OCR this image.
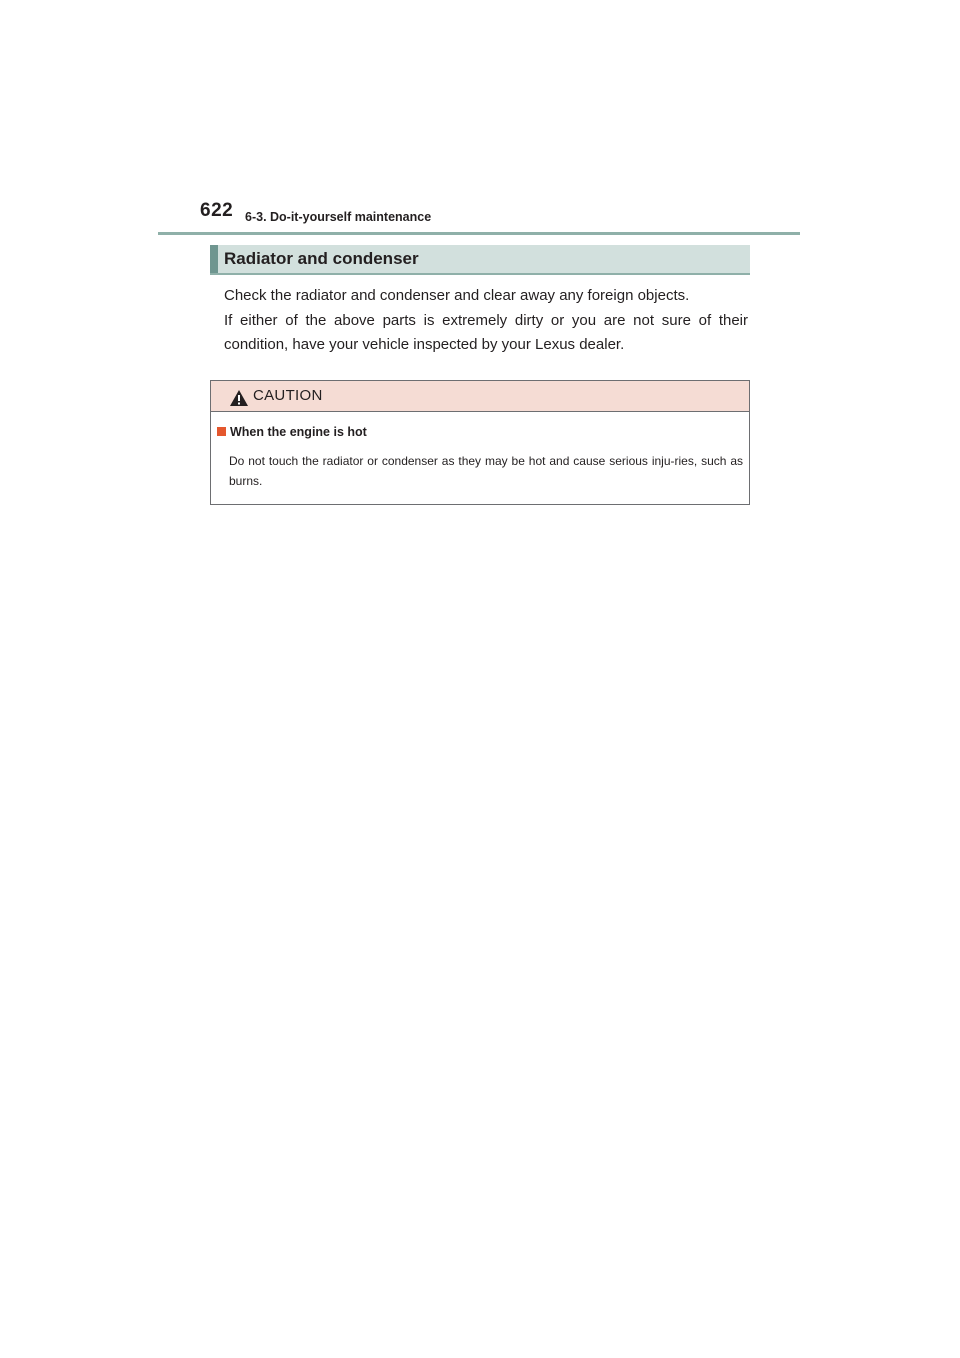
622 6-3. Do-it-yourself maintenance
Radiator and condenser

Check the radiator and condenser and clear away any foreign objects.

If either of the above parts is extremely dirty or you are not sure of their condition, have your vehicle inspected by your Lexus dealer.

CAUTION
When the engine is hot
Do not touch the radiator or condenser as they may be hot and cause serious inju-ries, such as burns.
